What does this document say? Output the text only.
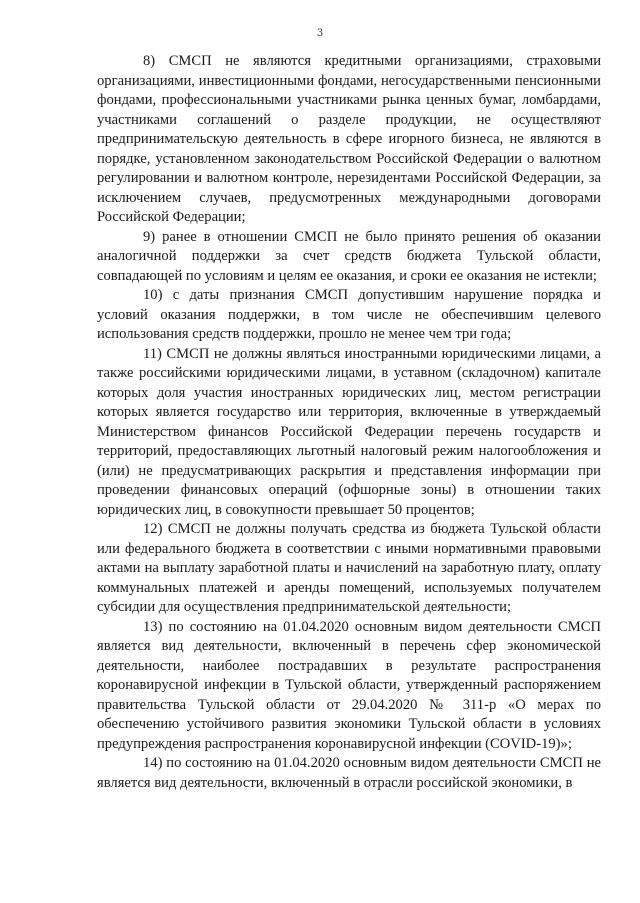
3

8) СМСП не являются кредитными организациями, страховыми организациями, инвестиционными фондами, негосударственными пенсионными фондами, профессиональными участниками рынка ценных бумаг, ломбардами, участниками соглашений о разделе продукции, не осуществляют предпринимательскую деятельность в сфере игорного бизнеса, не являются в порядке, установленном законодательством Российской Федерации о валютном регулировании и валютном контроле, нерезидентами Российской Федерации, за исключением случаев, предусмотренных международными договорами Российской Федерации;

9) ранее в отношении СМСП не было принято решения об оказании аналогичной поддержки за счет средств бюджета Тульской области, совпадающей по условиям и целям ее оказания, и сроки ее оказания не истекли;

10) с даты признания СМСП допустившим нарушение порядка и условий оказания поддержки, в том числе не обеспечившим целевого использования средств поддержки, прошло не менее чем три года;

11) СМСП не должны являться иностранными юридическими лицами, а также российскими юридическими лицами, в уставном (складочном) капитале которых доля участия иностранных юридических лиц, местом регистрации которых является государство или территория, включенные в утверждаемый Министерством финансов Российской Федерации перечень государств и территорий, предоставляющих льготный налоговый режим налогообложения и (или) не предусматривающих раскрытия и представления информации при проведении финансовых операций (офшорные зоны) в отношении таких юридических лиц, в совокупности превышает 50 процентов;

12) СМСП не должны получать средства из бюджета Тульской области или федерального бюджета в соответствии с иными нормативными правовыми актами на выплату заработной платы и начислений на заработную плату, оплату коммунальных платежей и аренды помещений, используемых получателем субсидии для осуществления предпринимательской деятельности;

13) по состоянию на 01.04.2020 основным видом деятельности СМСП является вид деятельности, включенный в перечень сфер экономической деятельности, наиболее пострадавших в результате распространения коронавирусной инфекции в Тульской области, утвержденный распоряжением правительства Тульской области от 29.04.2020 № 311-р «О мерах по обеспечению устойчивого развития экономики Тульской области в условиях предупреждения распространения коронавирусной инфекции (COVID-19)»;

14) по состоянию на 01.04.2020 основным видом деятельности СМСП не является вид деятельности, включенный в отрасли российской экономики, в
